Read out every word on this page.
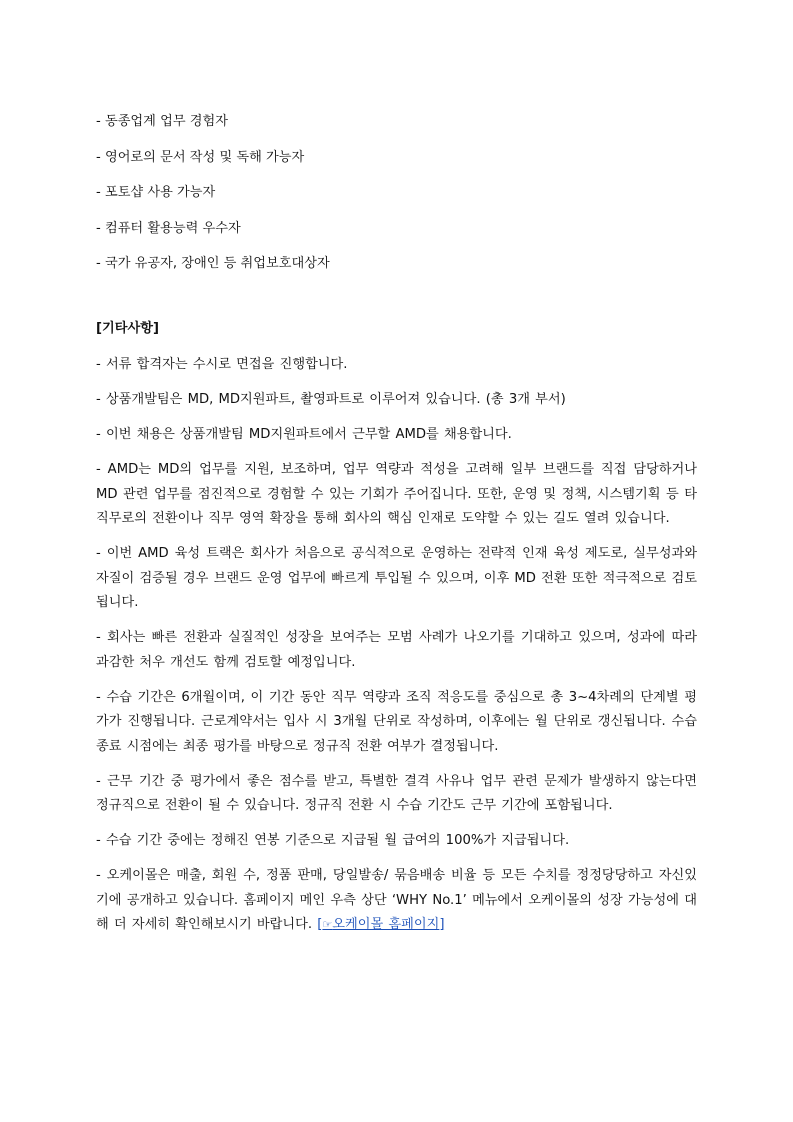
- 동종업계 업무 경험자

- 영어로의 문서 작성 및 독해 가능자

- 포토샵 사용 가능자

- 컴퓨터 활용능력 우수자

- 국가 유공자, 장애인 등 취업보호대상자

[기타사항]

- 서류 합격자는 수시로 면접을 진행합니다.

- 상품개발팀은 MD, MD지원파트, 촬영파트로 이루어져 있습니다. (총 3개 부서)

- 이번 채용은 상품개발팀 MD지원파트에서 근무할 AMD를 채용합니다.

- AMD는 MD의 업무를 지원, 보조하며, 업무 역량과 적성을 고려해 일부 브랜드를 직접 담당하거나 MD 관련 업무를 점진적으로 경험할 수 있는 기회가 주어집니다. 또한, 운영 및 정책, 시스템기획 등 타 직무로의 전환이나 직무 영역 확장을 통해 회사의 핵심 인재로 도약할 수 있는 길도 열려 있습니다.

- 이번 AMD 육성 트랙은 회사가 처음으로 공식적으로 운영하는 전략적 인재 육성 제도로, 실무성과와 자질이 검증될 경우 브랜드 운영 업무에 빠르게 투입될 수 있으며, 이후 MD 전환 또한 적극적으로 검토됩니다.

- 회사는 빠른 전환과 실질적인 성장을 보여주는 모범 사례가 나오기를 기대하고 있으며, 성과에 따라 과감한 처우 개선도 함께 검토할 예정입니다.

- 수습 기간은 6개월이며, 이 기간 동안 직무 역량과 조직 적응도를 중심으로 총 3~4차례의 단계별 평가가 진행됩니다. 근로계약서는 입사 시 3개월 단위로 작성하며, 이후에는 월 단위로 갱신됩니다. 수습 종료 시점에는 최종 평가를 바탕으로 정규직 전환 여부가 결정됩니다.

- 근무 기간 중 평가에서 좋은 점수를 받고, 특별한 결격 사유나 업무 관련 문제가 발생하지 않는다면 정규직으로 전환이 될 수 있습니다. 정규직 전환 시 수습 기간도 근무 기간에 포함됩니다.

- 수습 기간 중에는 정해진 연봉 기준으로 지급될 월 급여의 100%가 지급됩니다.

- 오케이몰은 매출, 회원 수, 정품 판매, 당일발송/ 묶음배송 비율 등 모든 수치를 정정당당하고 자신있기에 공개하고 있습니다. 홈페이지 메인 우측 상단 ‘WHY No.1’ 메뉴에서 오케이몰의 성장 가능성에 대해 더 자세히 확인해보시기 바랍니다. [☞오케이몰 홈페이지]
